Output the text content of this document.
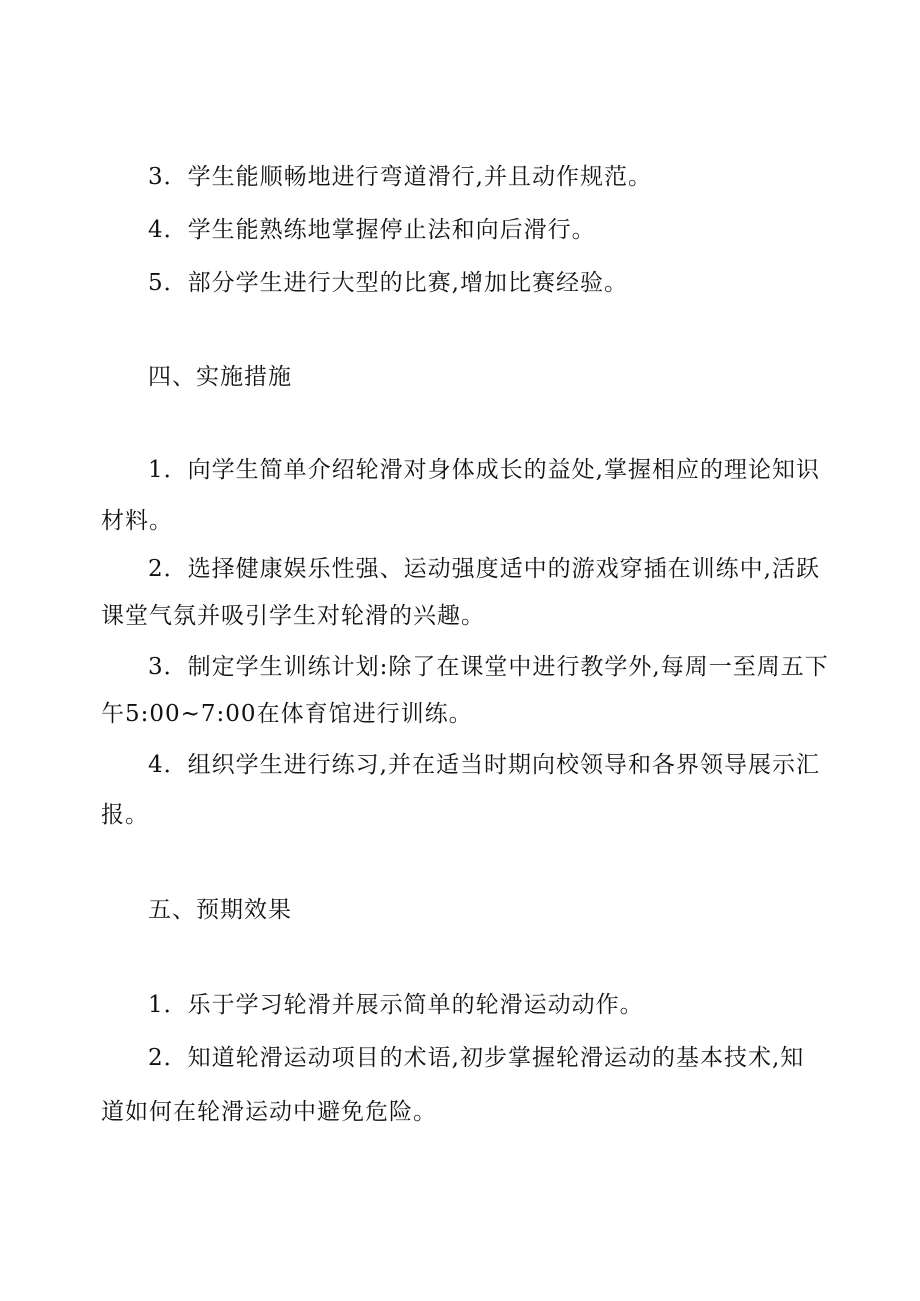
3．学生能顺畅地进行弯道滑行,并且动作规范。
4．学生能熟练地掌握停止法和向后滑行。
5．部分学生进行大型的比赛,增加比赛经验。
四、实施措施
1．向学生简单介绍轮滑对身体成长的益处,掌握相应的理论知识
材料。
2．选择健康娱乐性强、运动强度适中的游戏穿插在训练中,活跃
课堂气氛并吸引学生对轮滑的兴趣。
3．制定学生训练计划:除了在课堂中进行教学外,每周一至周五下
午5:00~7:00在体育馆进行训练。
4．组织学生进行练习,并在适当时期向校领导和各界领导展示汇
报。
五、预期效果
1．乐于学习轮滑并展示简单的轮滑运动动作。
2．知道轮滑运动项目的术语,初步掌握轮滑运动的基本技术,知
道如何在轮滑运动中避免危险。
